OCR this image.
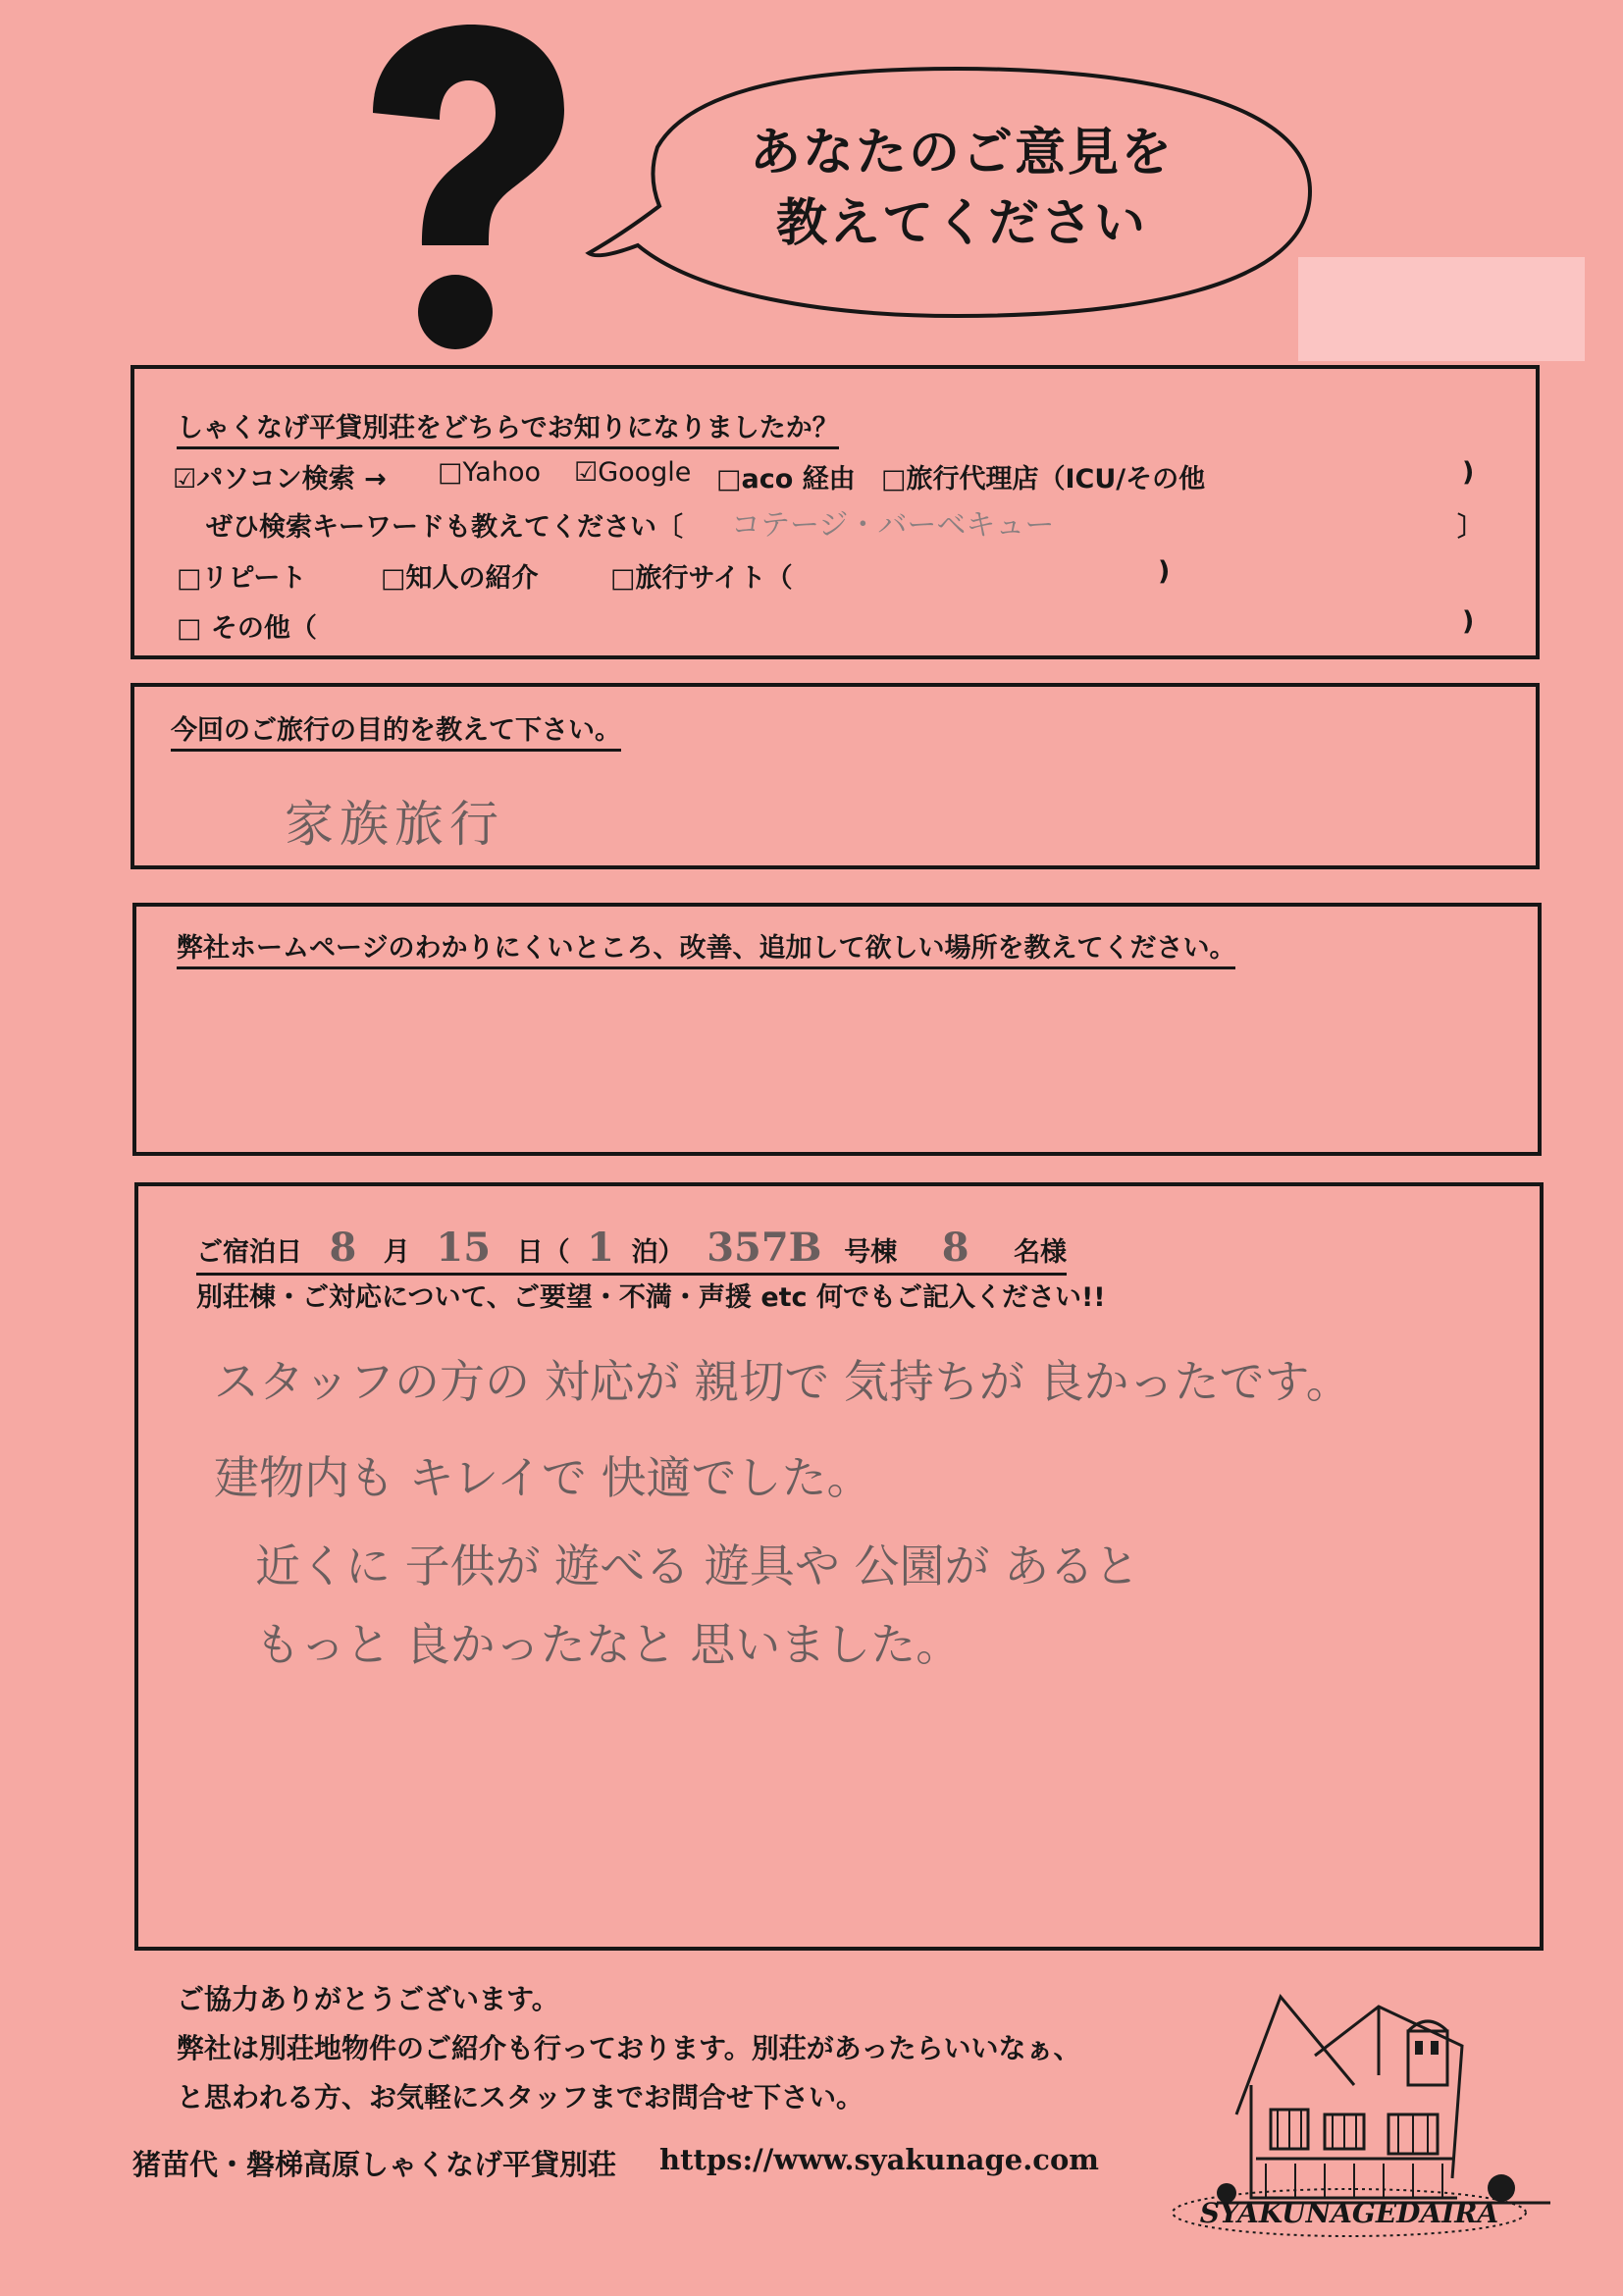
あなたのご意見を
教えてください
しゃくなげ平貸別荘をどちらでお知りになりましたか？
☑パソコン検索 → □Yahoo ☑Google □aco 経由 □旅行代理店（ICU/その他	)
ぜひ検索キーワードも教えてください〔 コテージ・バーベキュー	〕
□リピート	□知人の紹介	□旅行サイト（	)
□ その他（	)
今回のご旅行の目的を教えて下さい。
家族旅行
弊社ホームページのわかりにくいところ、改善、追加して欲しい場所を教えてください。
ご宿泊日 8 月 15 日（ 1 泊） 357B 号棟 8 名様
別荘棟・ご対応について、ご要望・不満・声援 etc 何でもご記入ください!!
スタッフの方の 対応が 親切で 気持ちが 良かったです。
建物内も キレイで 快適でした。
近くに 子供が 遊べる 遊具や 公園が あると
もっと 良かったなと 思いました。
ご協力ありがとうございます。
弊社は別荘地物件のご紹介も行っております。別荘があったらいいなぁ、
と思われる方、お気軽にスタッフまでお問合せ下さい。
猪苗代・磐梯高原しゃくなげ平貸別荘 https://www.syakunage.com
SYAKUNAGEDAIRA
